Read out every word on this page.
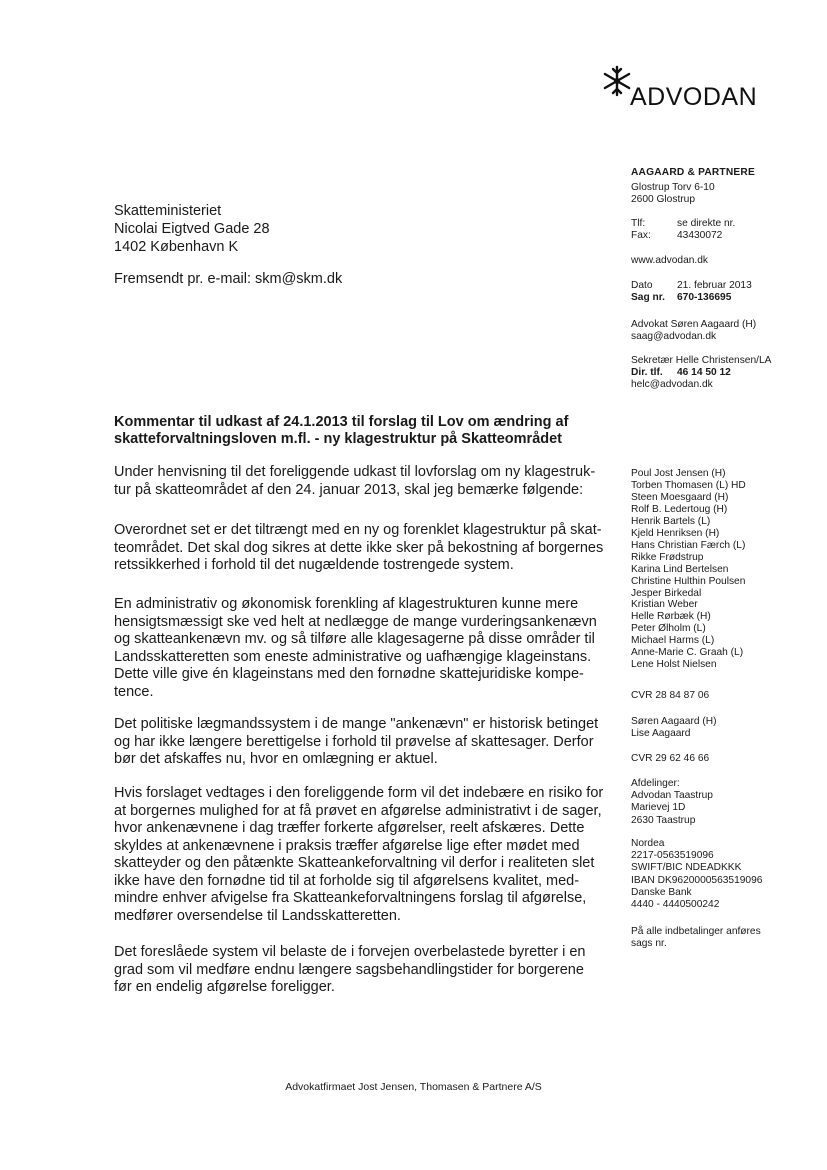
ADVODAN
Skatteministeriet
Nicolai Eigtved Gade 28
1402 København K
Fremsendt pr. e-mail: skm@skm.dk
AAGAARD & PARTNERE
Glostrup Torv 6-10
2600 Glostrup
Tlf:	se direkte nr.
Fax:	43430072
www.advodan.dk
Dato	21. februar 2013
Sag nr.	670-136695
Advokat Søren Aagaard (H)
saag@advodan.dk
Sekretær Helle Christensen/LA
Dir. tlf.	46 14 50 12
helc@advodan.dk
Poul Jost Jensen (H)
Torben Thomasen (L) HD
Steen Moesgaard (H)
Rolf B. Ledertoug (H)
Henrik Bartels (L)
Kjeld Henriksen (H)
Hans Christian Færch (L)
Rikke Frødstrup
Karina Lind Bertelsen
Christine Hulthin Poulsen
Jesper Birkedal
Kristian Weber
Helle Rørbæk (H)
Peter Ølholm (L)
Michael Harms (L)
Anne-Marie C. Graah (L)
Lene Holst Nielsen
CVR 28 84 87 06
Søren Aagaard (H)
Lise Aagaard
CVR 29 62 46 66
Afdelinger:
Advodan Taastrup
Marievej 1D
2630 Taastrup
Nordea
2217-0563519096
SWIFT/BIC NDEADKKK
IBAN DK9620000563519096
Danske Bank
4440 - 4440500242
På alle indbetalinger anføres
sags nr.
Kommentar til udkast af 24.1.2013 til forslag til Lov om ændring af
skatteforvaltningsloven m.fl. - ny klagestruktur på Skatteområdet
Under henvisning til det foreliggende udkast til lovforslag om ny klagestruk-
tur på skatteområdet af den 24. januar 2013, skal jeg bemærke følgende:
Overordnet set er det tiltrængt med en ny og forenklet klagestruktur på skat-
teområdet. Det skal dog sikres at dette ikke sker på bekostning af borgernes
retssikkerhed i forhold til det nugældende tostrengede system.
En administrativ og økonomisk forenkling af klagestrukturen kunne mere
hensigtsmæssigt ske ved helt at nedlægge de mange vurderingsankenævn
og skatteankenævn mv. og så tilføre alle klagesagerne på disse områder til
Landsskatteretten som eneste administrative og uafhængige klageinstans.
Dette ville give én klageinstans med den fornødne skattejuridiske kompe-
tence.
Det politiske lægmandssystem i de mange "ankenævn" er historisk betinget
og har ikke længere berettigelse i forhold til prøvelse af skattesager. Derfor
bør det afskaffes nu, hvor en omlægning er aktuel.
Hvis forslaget vedtages i den foreliggende form vil det indebære en risiko for
at borgernes mulighed for at få prøvet en afgørelse administrativt i de sager,
hvor ankenævnene i dag træffer forkerte afgørelser, reelt afskæres. Dette
skyldes at ankenævnene i praksis træffer afgørelse lige efter mødet med
skatteyder og den påtænkte Skatteankeforvaltning vil derfor i realiteten slet
ikke have den fornødne tid til at forholde sig til afgørelsens kvalitet, med-
mindre enhver afvigelse fra Skatteankeforvaltningens forslag til afgørelse,
medfører oversendelse til Landsskatteretten.
Det foreslåede system vil belaste de i forvejen overbelastede byretter i en
grad som vil medføre endnu længere sagsbehandlingstider for borgerene
før en endelig afgørelse foreligger.
Advokatfirmaet Jost Jensen, Thomasen & Partnere A/S
